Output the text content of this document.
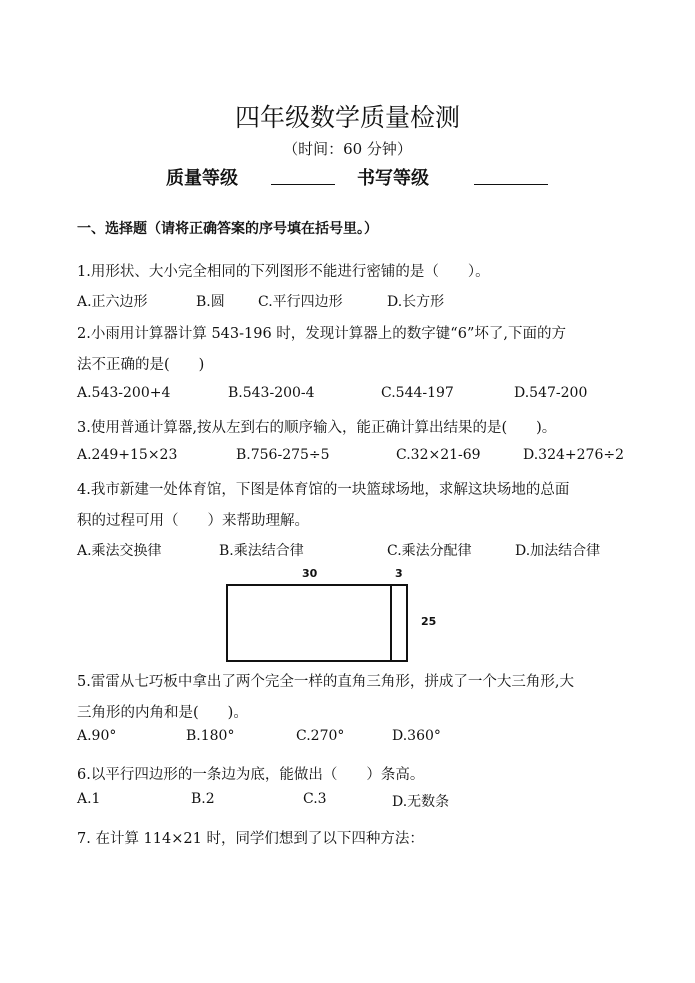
四年级数学质量检测
（时间：60 分钟）
质量等级	书写等级
一、选择题（请将正确答案的序号填在括号里。）
1.用形状、大小完全相同的下列图形不能进行密铺的是（　　）。
A.正六边形	B.圆 C.平行四边形	D.长方形
2.小雨用计算器计算 543-196 时，发现计算器上的数字键“6”坏了,下面的方
法不正确的是(　　)
A.543-200+4	B.543-200-4	C.544-197	D.547-200
3.使用普通计算器,按从左到右的顺序输入，能正确计算出结果的是(　　)。
A.249+15×23	B.756-275÷5	C.32×21-69	D.324+276÷2
4.我市新建一处体育馆，下图是体育馆的一块篮球场地，求解这块场地的总面
积的过程可用（　　）来帮助理解。
A.乘法交换律	B.乘法结合律	C.乘法分配律	D.加法结合律
30	3
25
5.雷雷从七巧板中拿出了两个完全一样的直角三角形，拼成了一个大三角形,大
三角形的内角和是(　　)。
A.90°	B.180°	C.270°	D.360°
6.以平行四边形的一条边为底，能做出（　　）条高。
A.1	B.2	C.3	D.无数条
7. 在计算 114×21 时，同学们想到了以下四种方法：
